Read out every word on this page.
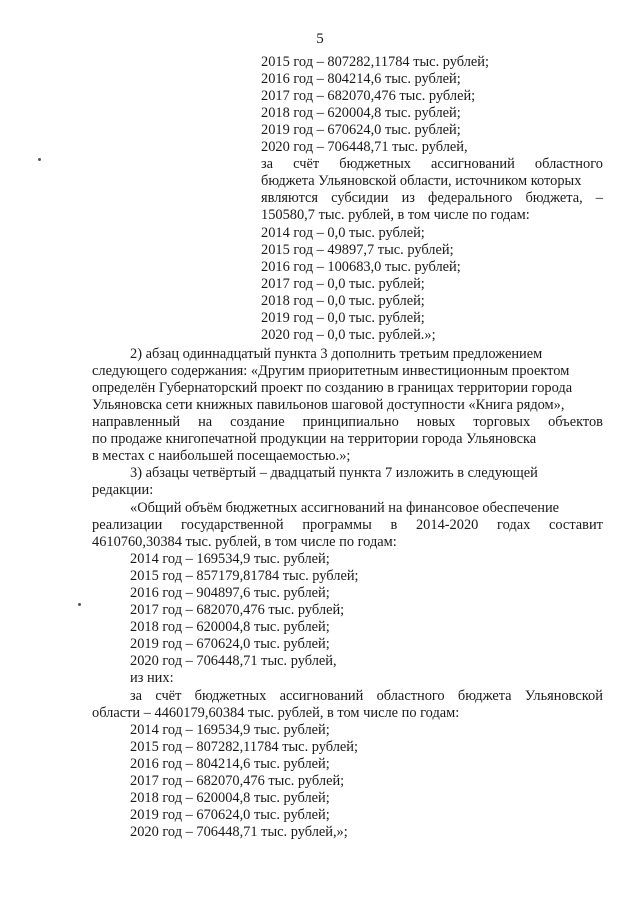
5
2015 год – 807282,11784 тыс. рублей;
2016 год – 804214,6 тыс. рублей;
2017 год – 682070,476 тыс. рублей;
2018 год – 620004,8 тыс. рублей;
2019 год – 670624,0 тыс. рублей;
2020 год – 706448,71 тыс. рублей,
за счёт бюджетных ассигнований областного
бюджета Ульяновской области, источником которых
являются субсидии из федерального бюджета, –
150580,7 тыс. рублей, в том числе по годам:
2014 год – 0,0 тыс. рублей;
2015 год – 49897,7 тыс. рублей;
2016 год – 100683,0 тыс. рублей;
2017 год – 0,0 тыс. рублей;
2018 год – 0,0 тыс. рублей;
2019 год – 0,0 тыс. рублей;
2020 год – 0,0 тыс. рублей.»;
2) абзац одиннадцатый пункта 3 дополнить третьим предложением
следующего содержания: «Другим приоритетным инвестиционным проектом
определён Губернаторский проект по созданию в границах территории города
Ульяновска сети книжных павильонов шаговой доступности «Книга рядом»,
направленный на создание принципиально новых торговых объектов
по продаже книгопечатной продукции на территории города Ульяновска
в местах с наибольшей посещаемостью.»;
3) абзацы четвёртый – двадцатый пункта 7 изложить в следующей
редакции:
«Общий объём бюджетных ассигнований на финансовое обеспечение
реализации государственной программы в 2014-2020 годах составит
4610760,30384 тыс. рублей, в том числе по годам:
2014 год – 169534,9 тыс. рублей;
2015 год – 857179,81784 тыс. рублей;
2016 год – 904897,6 тыс. рублей;
2017 год – 682070,476 тыс. рублей;
2018 год – 620004,8 тыс. рублей;
2019 год – 670624,0 тыс. рублей;
2020 год – 706448,71 тыс. рублей,
из них:
за счёт бюджетных ассигнований областного бюджета Ульяновской
области – 4460179,60384 тыс. рублей, в том числе по годам:
2014 год – 169534,9 тыс. рублей;
2015 год – 807282,11784 тыс. рублей;
2016 год – 804214,6 тыс. рублей;
2017 год – 682070,476 тыс. рублей;
2018 год – 620004,8 тыс. рублей;
2019 год – 670624,0 тыс. рублей;
2020 год – 706448,71 тыс. рублей,»;
